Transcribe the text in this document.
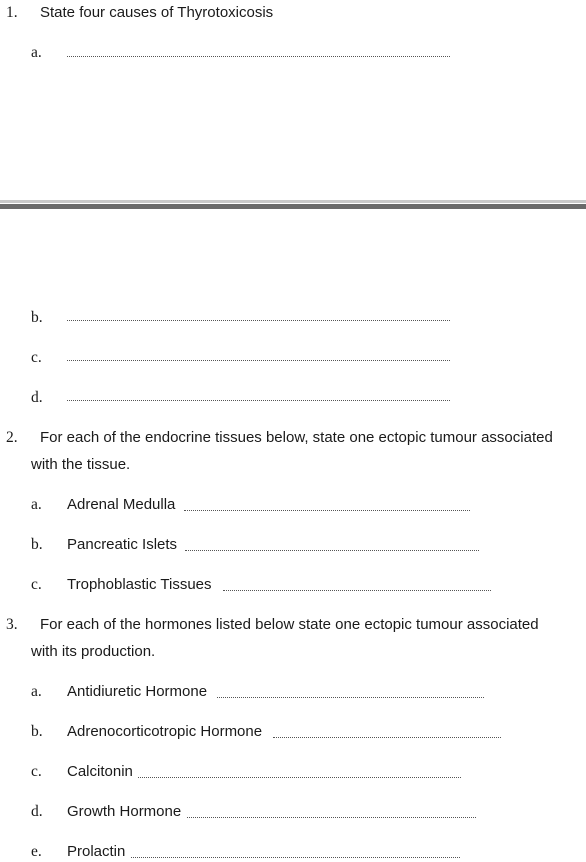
1. State four causes of Thyrotoxicosis
a.
b.
c.
d.
2. For each of the endocrine tissues below, state one ectopic tumour associated
with the tissue.
a. Adrenal Medulla
b. Pancreatic Islets
c. Trophoblastic Tissues
3. For each of the hormones listed below state one ectopic tumour associated
with its production.
a. Antidiuretic Hormone
b. Adrenocorticotropic Hormone
c. Calcitonin
d. Growth Hormone
e. Prolactin
